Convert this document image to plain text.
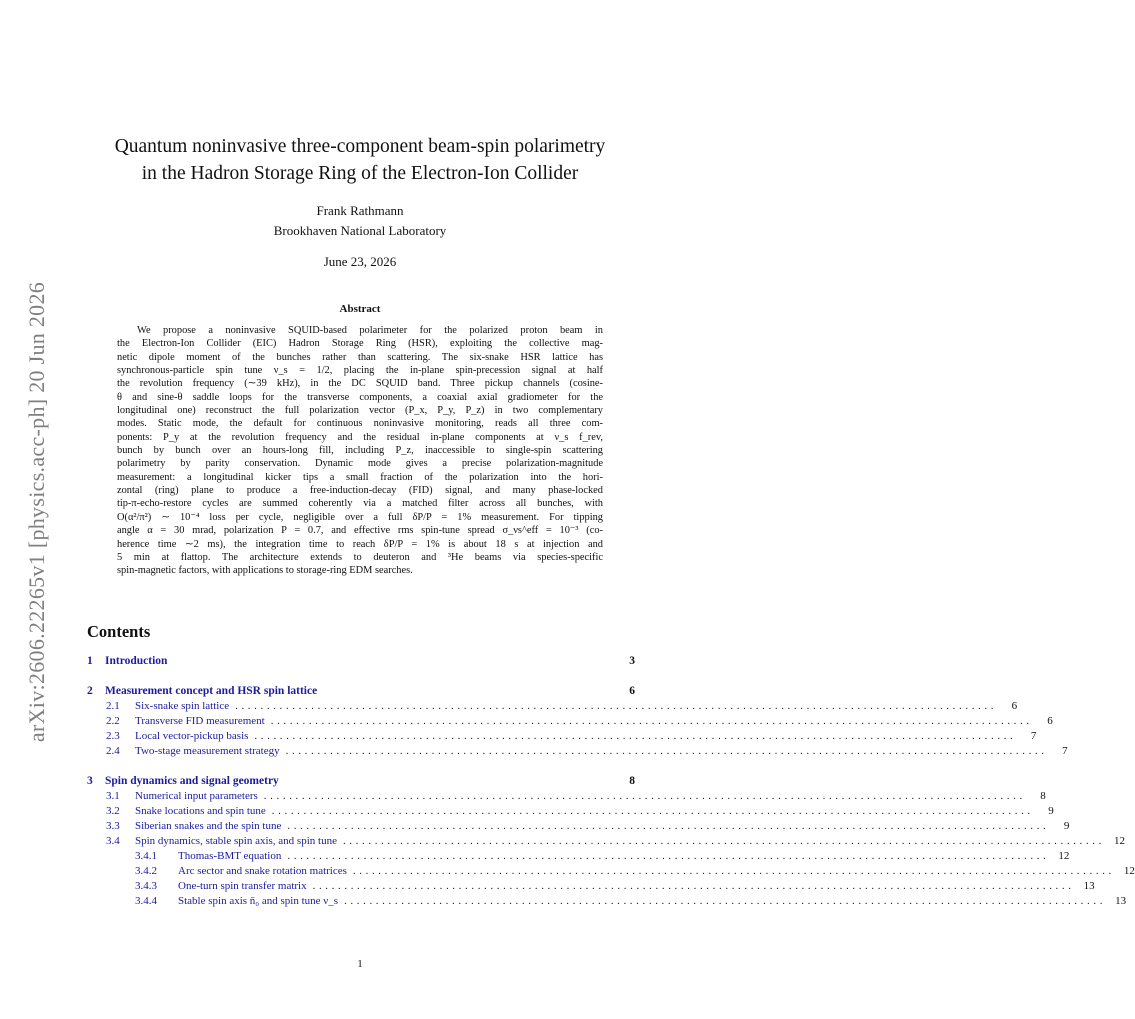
arXiv:2606.22265v1 [physics.acc-ph] 20 Jun 2026
Quantum noninvasive three-component beam-spin polarimetry
in the Hadron Storage Ring of the Electron-Ion Collider
Frank Rathmann
Brookhaven National Laboratory
June 23, 2026
Abstract
We propose a noninvasive SQUID-based polarimeter for the polarized proton beam in
the Electron-Ion Collider (EIC) Hadron Storage Ring (HSR), exploiting the collective mag-
netic dipole moment of the bunches rather than scattering. The six-snake HSR lattice has
synchronous-particle spin tune ν_s = 1/2, placing the in-plane spin-precession signal at half
the revolution frequency (∼39 kHz), in the DC SQUID band. Three pickup channels (cosine-
θ and sine-θ saddle loops for the transverse components, a coaxial axial gradiometer for the
longitudinal one) reconstruct the full polarization vector (P_x, P_y, P_z) in two complementary
modes. Static mode, the default for continuous noninvasive monitoring, reads all three com-
ponents: P_y at the revolution frequency and the residual in-plane components at ν_s f_rev,
bunch by bunch over an hours-long fill, including P_z, inaccessible to single-spin scattering
polarimetry by parity conservation. Dynamic mode gives a precise polarization-magnitude
measurement: a longitudinal kicker tips a small fraction of the polarization into the hori-
zontal (ring) plane to produce a free-induction-decay (FID) signal, and many phase-locked
tip-π-echo-restore cycles are summed coherently via a matched filter across all bunches, with
O(α²/π²) ∼ 10⁻⁴ loss per cycle, negligible over a full δP/P = 1% measurement. For tipping
angle α = 30 mrad, polarization P = 0.7, and effective rms spin-tune spread σ_νs^eff = 10⁻³ (co-
herence time ∼2 ms), the integration time to reach δP/P = 1% is about 18 s at injection and
5 min at flattop. The architecture extends to deuteron and ³He beams via species-specific
spin-magnetic factors, with applications to storage-ring EDM searches.
Contents
1	Introduction	3
2	Measurement concept and HSR spin lattice	6
2.1	Six-snake spin lattice ........................................................................................................................	6
2.2	Transverse FID measurement ........................................................................................................................	6
2.3	Local vector-pickup basis ........................................................................................................................	7
2.4	Two-stage measurement strategy ........................................................................................................................	7
3	Spin dynamics and signal geometry	8
3.1	Numerical input parameters ........................................................................................................................	8
3.2	Snake locations and spin tune ........................................................................................................................	9
3.3	Siberian snakes and the spin tune ........................................................................................................................	9
3.4	Spin dynamics, stable spin axis, and spin tune ........................................................................................................................ 12
3.4.1	Thomas-BMT equation ........................................................................................................................ 12
3.4.2	Arc sector and snake rotation matrices ........................................................................................................................ 12
3.4.3	One-turn spin transfer matrix ........................................................................................................................ 13
3.4.4	Stable spin axis n̄₀ and spin tune ν_s ........................................................................................................................ 13
1
